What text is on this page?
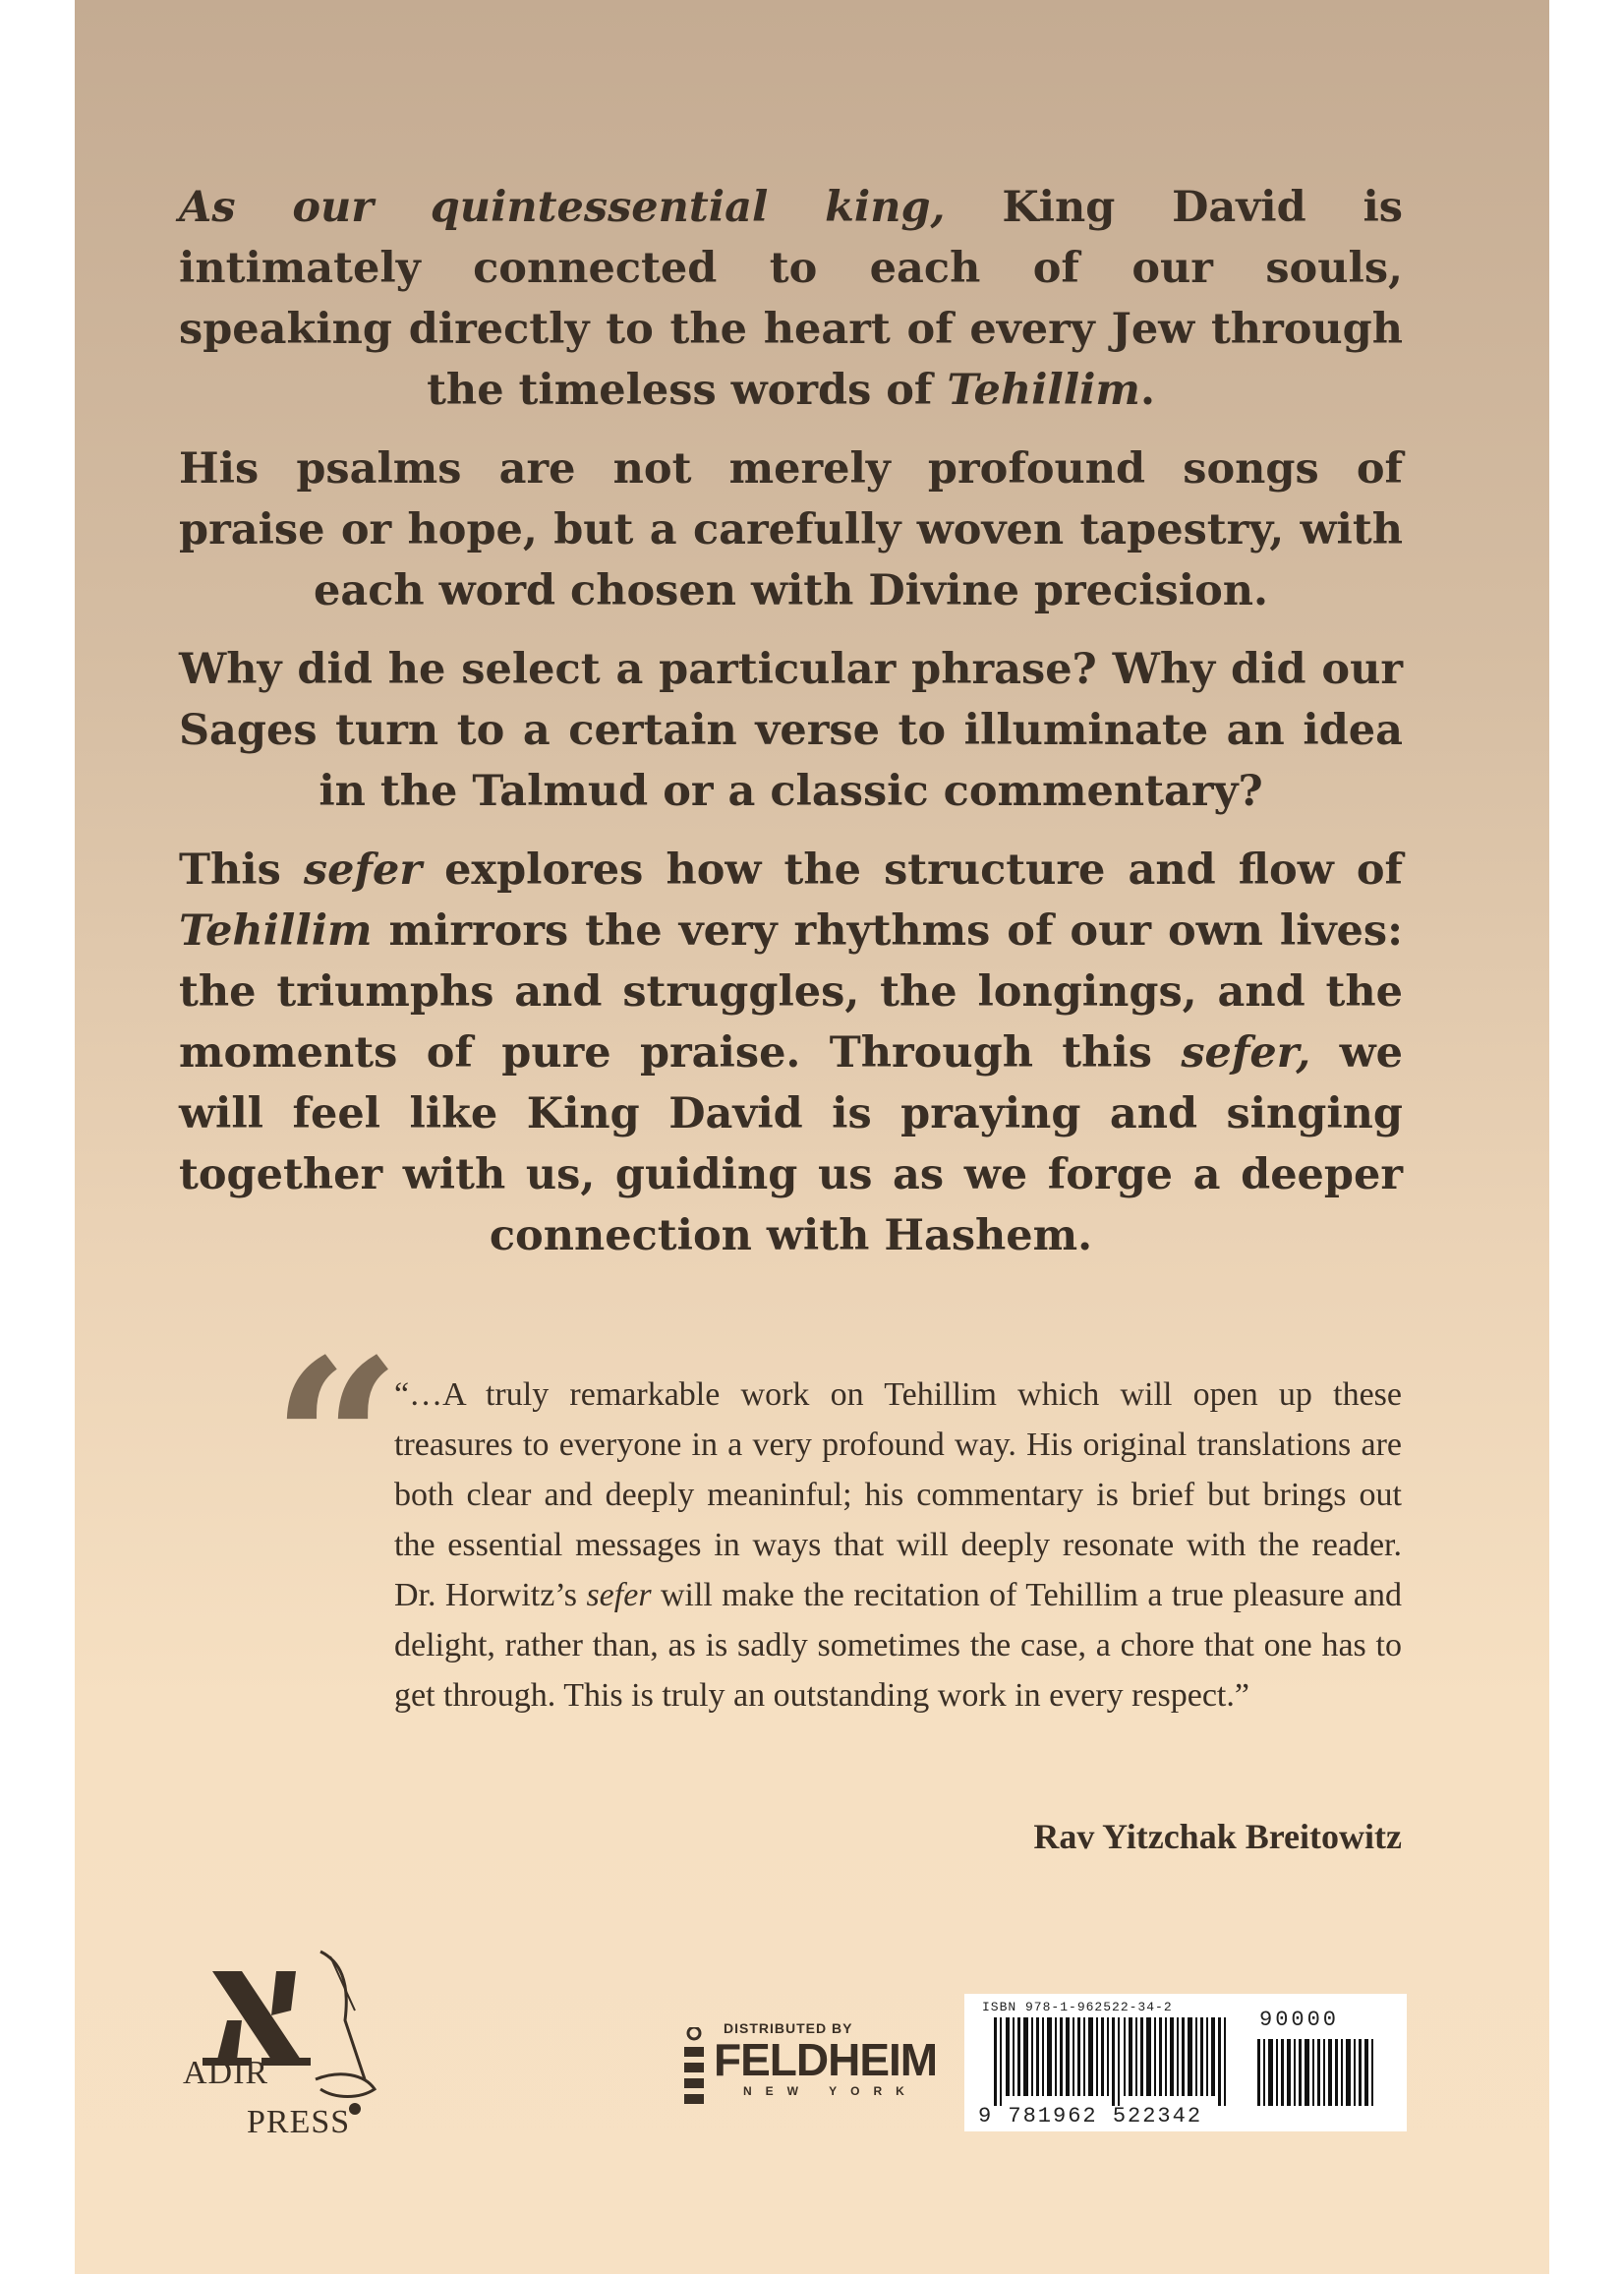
As our quintessential king, King David is intimately connected to each of our souls, speaking directly to the heart of every Jew through the timeless words of Tehillim.

His psalms are not merely profound songs of praise or hope, but a carefully woven tapestry, with each word chosen with Divine precision.

Why did he select a particular phrase? Why did our Sages turn to a certain verse to illuminate an idea in the Talmud or a classic commentary?

This sefer explores how the structure and flow of Tehillim mirrors the very rhythms of our own lives: the triumphs and struggles, the longings, and the moments of pure praise. Through this sefer, we will feel like King David is praying and singing together with us, guiding us as we forge a deeper connection with Hashem.

“
“…A truly remarkable work on Tehillim which will open up these treasures to everyone in a very profound way. His original translations are both clear and deeply meaninful; his commentary is brief but brings out the essential messages in ways that will deeply resonate with the reader. Dr. Horwitz’s sefer will make the recitation of Tehillim a true pleasure and delight, rather than, as is sadly sometimes the case, a chore that one has to get through. This is truly an outstanding work in every respect.”
Rav Yitzchak Breitowitz
ADIR
PRESS
DISTRIBUTED BY
FELDHEIM
NEW YORK
ISBN 978-1-962522-34-2
90000
9 781962 522342
